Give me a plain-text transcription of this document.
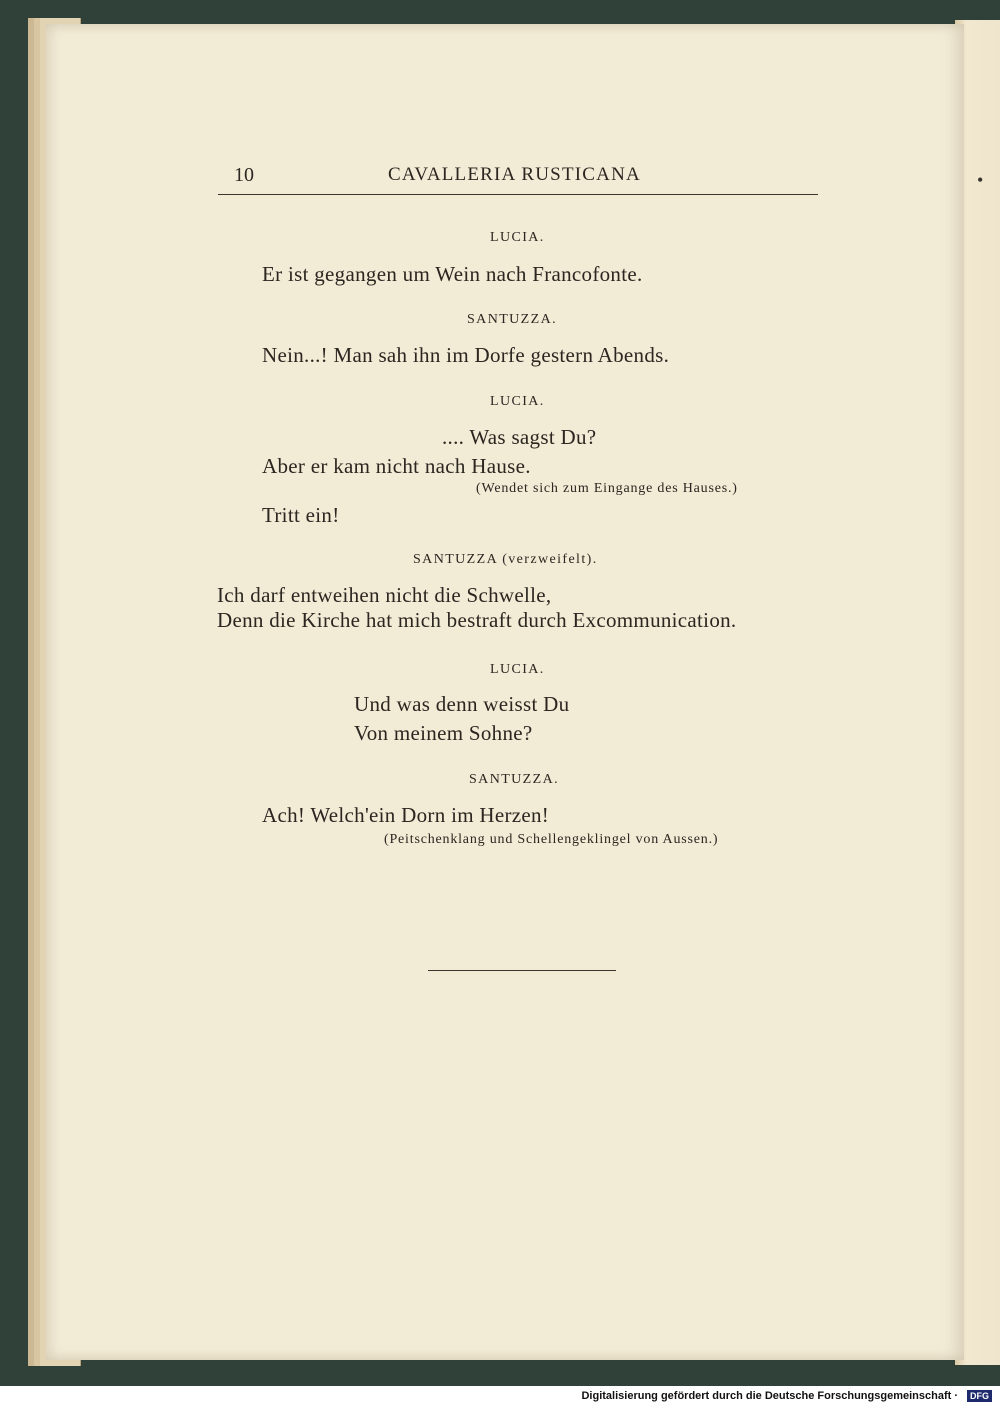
•
10	CAVALLERIA RUSTICANA
LUCIA.
Er ist gegangen um Wein nach Francofonte.
SANTUZZA.
Nein...! Man sah ihn im Dorfe gestern Abends.
LUCIA.
.... Was sagst Du?
Aber er kam nicht nach Hause.
(Wendet sich zum Eingange des Hauses.)
Tritt ein!
SANTUZZA (verzweifelt).
Ich darf entweihen nicht die Schwelle,
Denn die Kirche hat mich bestraft durch Excommunication.
LUCIA.
Und was denn weisst Du
Von meinem Sohne?
SANTUZZA.
Ach! Welch'ein Dorn im Herzen!
(Peitschenklang und Schellengeklingel von Aussen.)
Digitalisierung gefördert durch die Deutsche Forschungsgemeinschaft ·	DFG
